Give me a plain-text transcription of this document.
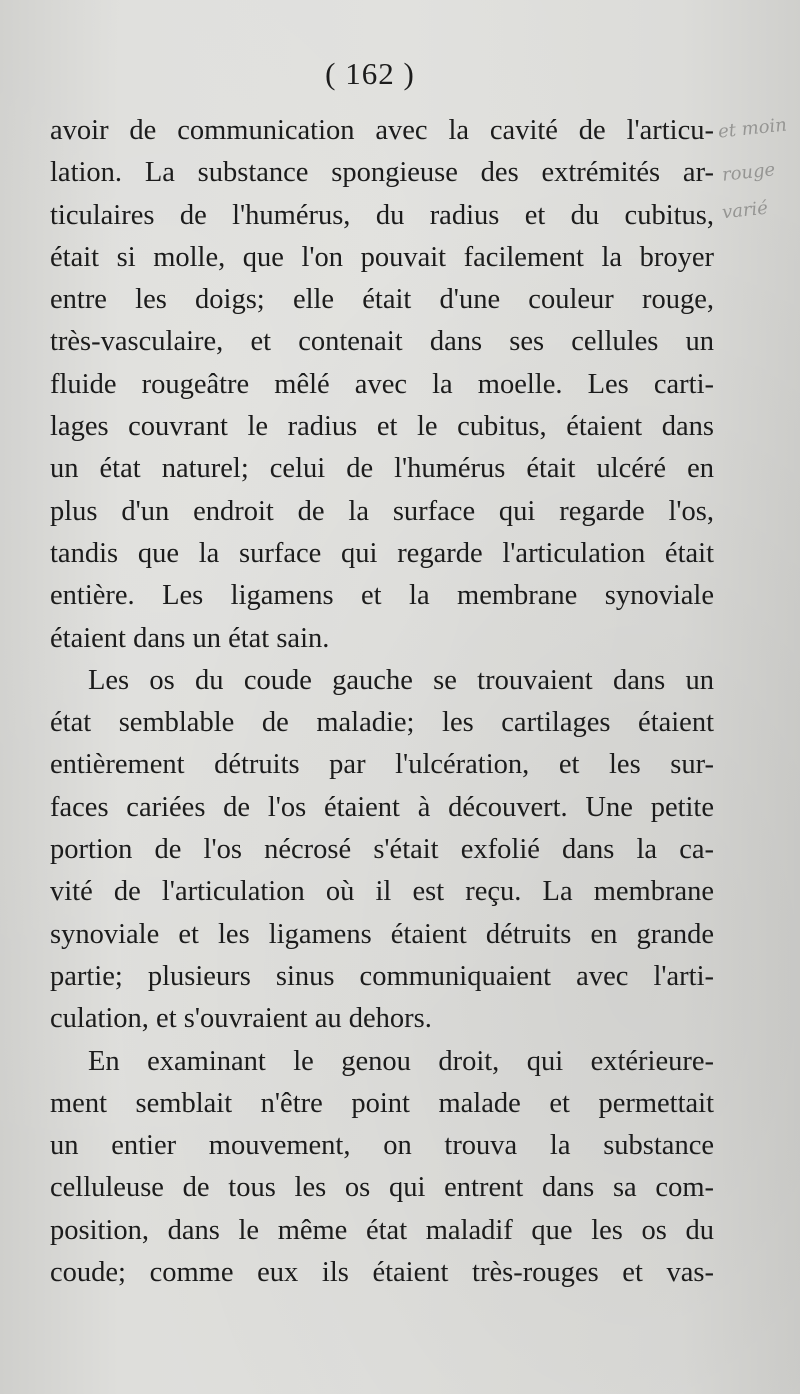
( 162 )
avoir de communication avec la cavité de l'articu-
lation. La substance spongieuse des extrémités ar-
ticulaires de l'humérus, du radius et du cubitus,
était si molle, que l'on pouvait facilement la broyer
entre les doigs; elle était d'une couleur rouge,
très-vasculaire, et contenait dans ses cellules un
fluide rougeâtre mêlé avec la moelle. Les carti-
lages couvrant le radius et le cubitus, étaient dans
un état naturel; celui de l'humérus était ulcéré en
plus d'un endroit de la surface qui regarde l'os,
tandis que la surface qui regarde l'articulation était
entière. Les ligamens et la membrane synoviale
étaient dans un état sain.
Les os du coude gauche se trouvaient dans un
état semblable de maladie; les cartilages étaient
entièrement détruits par l'ulcération, et les sur-
faces cariées de l'os étaient à découvert. Une petite
portion de l'os nécrosé s'était exfolié dans la ca-
vité de l'articulation où il est reçu. La membrane
synoviale et les ligamens étaient détruits en grande
partie; plusieurs sinus communiquaient avec l'arti-
culation, et s'ouvraient au dehors.
En examinant le genou droit, qui extérieure-
ment semblait n'être point malade et permettait
un entier mouvement, on trouva la substance
celluleuse de tous les os qui entrent dans sa com-
position, dans le même état maladif que les os du
coude; comme eux ils étaient très-rouges et vas-
et moin
rouge
varié
